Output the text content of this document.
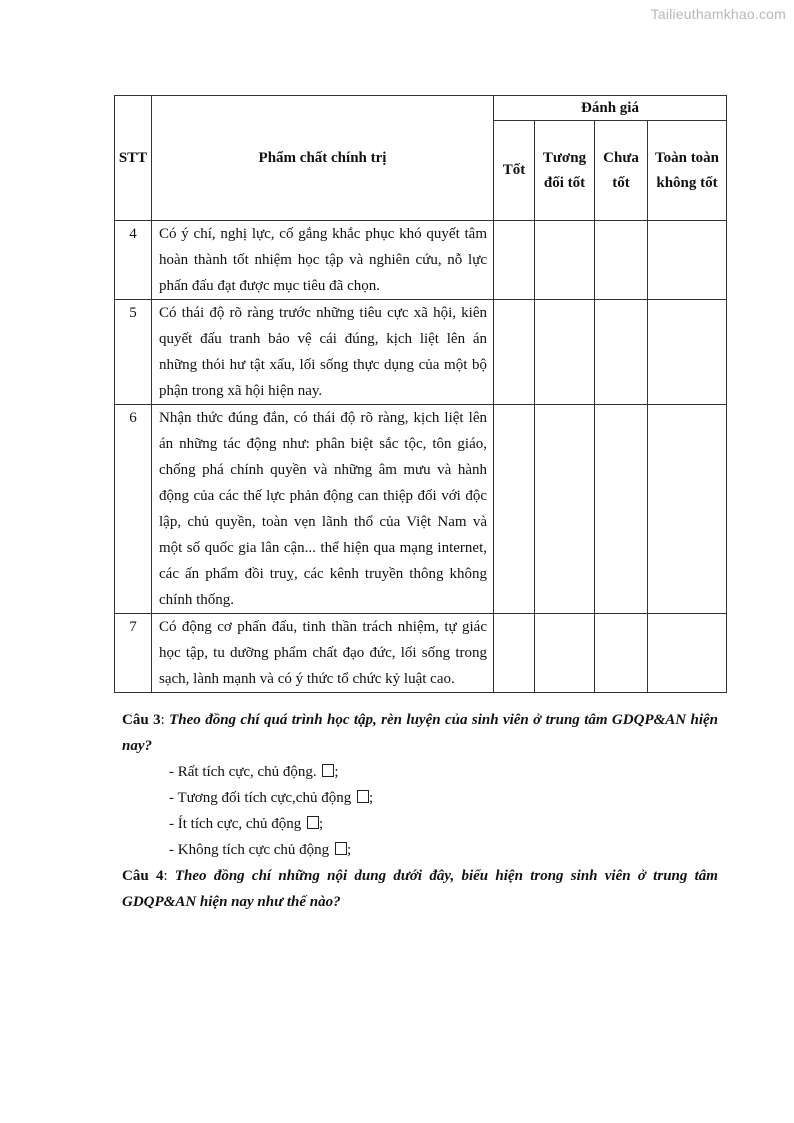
Tailieuthamkhao.com
STT	Phẩm chất chính trị	Đánh giá			
		Tốt	Tương đối tốt	Chưa tốt	Toàn toàn không tốt
4	Có ý chí, nghị lực, cố gắng khắc phục khó quyết tâm hoàn thành tốt nhiệm học tập và nghiên cứu, nỗ lực phấn đấu đạt được mục tiêu đã chọn.				
5	Có thái độ rõ ràng trước những tiêu cực xã hội, kiên quyết đấu tranh bảo vệ cái đúng, kịch liệt lên án những thói hư tật xấu, lối sống thực dụng của một bộ phận trong xã hội hiện nay.				
6	Nhận thức đúng đắn, có thái độ rõ ràng, kịch liệt lên án những tác động như: phân biệt sắc tộc, tôn giáo, chống phá chính quyền và những âm mưu và hành động của các thế lực phản động can thiệp đối với độc lập, chủ quyền, toàn vẹn lãnh thổ của Việt Nam và một số quốc gia lân cận... thể hiện qua mạng internet, các ấn phẩm đồi truỵ, các kênh truyền thông không chính thống.				
7	Có động cơ phấn đấu, tinh thần trách nhiệm, tự giác học tập, tu dưỡng phẩm chất đạo đức, lối sống trong sạch, lành mạnh và có ý thức tổ chức kỷ luật cao.				
Câu 3: Theo đồng chí quá trình học tập, rèn luyện của sinh viên ở trung tâm GDQP&AN hiện nay?
- Rất tích cực, chủ động. ;
- Tương đối tích cực,chủ động ;
- Ít tích cực, chủ động ;
- Không tích cực chủ động ;
Câu 4: Theo đồng chí những nội dung dưới đây, biểu hiện trong sinh viên ở trung tâm GDQP&AN hiện nay như thế nào?
